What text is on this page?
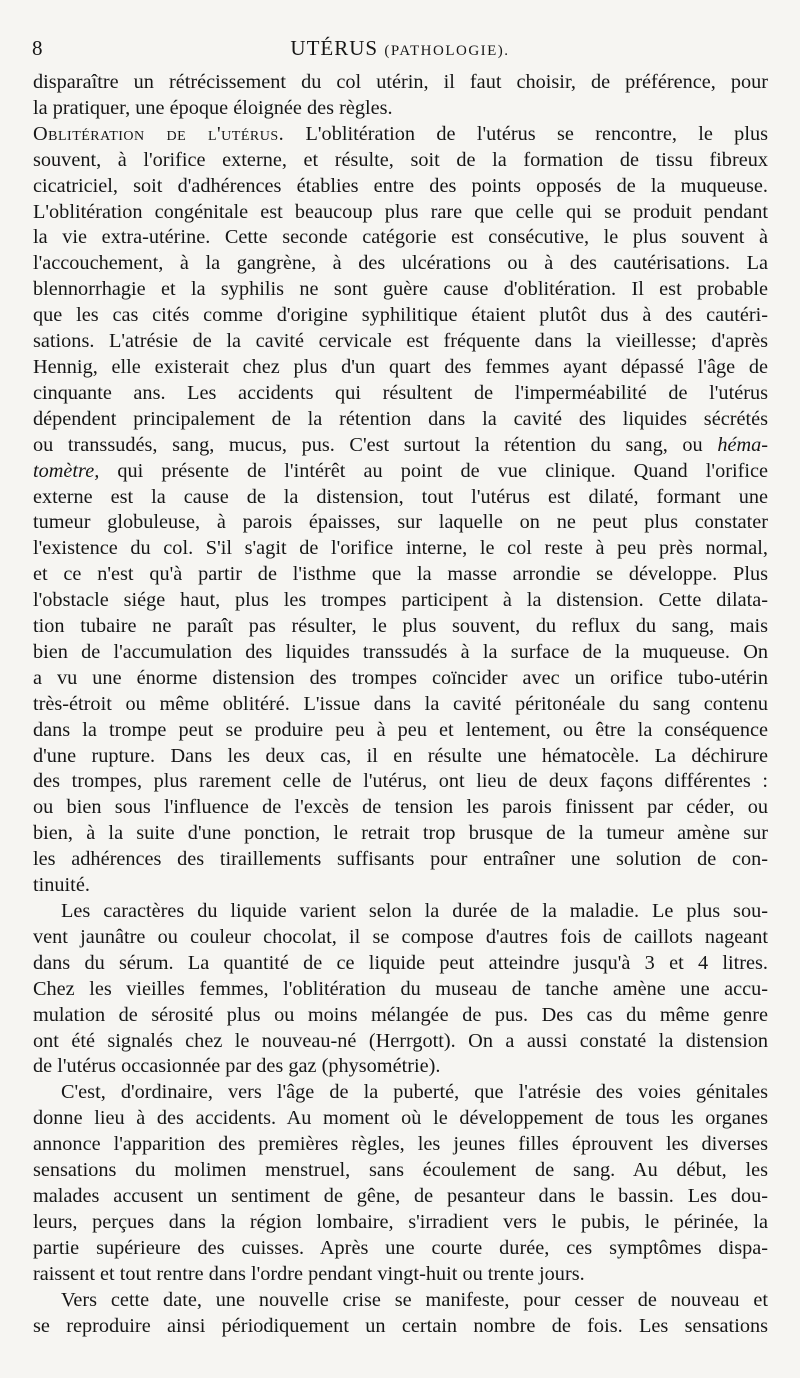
8	UTÉRUS (PATHOLOGIE).
disparaître un rétrécissement du col utérin, il faut choisir, de préférence, pour
la pratiquer, une époque éloignée des règles.
Oblitération de l'utérus. L'oblitération de l'utérus se rencontre, le plus
souvent, à l'orifice externe, et résulte, soit de la formation de tissu fibreux
cicatriciel, soit d'adhérences établies entre des points opposés de la muqueuse.
L'oblitération congénitale est beaucoup plus rare que celle qui se produit pendant
la vie extra-utérine. Cette seconde catégorie est consécutive, le plus souvent à
l'accouchement, à la gangrène, à des ulcérations ou à des cautérisations. La
blennorrhagie et la syphilis ne sont guère cause d'oblitération. Il est probable
que les cas cités comme d'origine syphilitique étaient plutôt dus à des cautéri-
sations. L'atrésie de la cavité cervicale est fréquente dans la vieillesse; d'après
Hennig, elle existerait chez plus d'un quart des femmes ayant dépassé l'âge de
cinquante ans. Les accidents qui résultent de l'imperméabilité de l'utérus
dépendent principalement de la rétention dans la cavité des liquides sécrétés
ou transsudés, sang, mucus, pus. C'est surtout la rétention du sang, ou héma-
tomètre, qui présente de l'intérêt au point de vue clinique. Quand l'orifice
externe est la cause de la distension, tout l'utérus est dilaté, formant une
tumeur globuleuse, à parois épaisses, sur laquelle on ne peut plus constater
l'existence du col. S'il s'agit de l'orifice interne, le col reste à peu près normal,
et ce n'est qu'à partir de l'isthme que la masse arrondie se développe. Plus
l'obstacle siége haut, plus les trompes participent à la distension. Cette dilata-
tion tubaire ne paraît pas résulter, le plus souvent, du reflux du sang, mais
bien de l'accumulation des liquides transsudés à la surface de la muqueuse. On
a vu une énorme distension des trompes coïncider avec un orifice tubo-utérin
très-étroit ou même oblitéré. L'issue dans la cavité péritonéale du sang contenu
dans la trompe peut se produire peu à peu et lentement, ou être la conséquence
d'une rupture. Dans les deux cas, il en résulte une hématocèle. La déchirure
des trompes, plus rarement celle de l'utérus, ont lieu de deux façons différentes :
ou bien sous l'influence de l'excès de tension les parois finissent par céder, ou
bien, à la suite d'une ponction, le retrait trop brusque de la tumeur amène sur
les adhérences des tiraillements suffisants pour entraîner une solution de con-
tinuité.
Les caractères du liquide varient selon la durée de la maladie. Le plus sou-
vent jaunâtre ou couleur chocolat, il se compose d'autres fois de caillots nageant
dans du sérum. La quantité de ce liquide peut atteindre jusqu'à 3 et 4 litres.
Chez les vieilles femmes, l'oblitération du museau de tanche amène une accu-
mulation de sérosité plus ou moins mélangée de pus. Des cas du même genre
ont été signalés chez le nouveau-né (Herrgott). On a aussi constaté la distension
de l'utérus occasionnée par des gaz (physométrie).
C'est, d'ordinaire, vers l'âge de la puberté, que l'atrésie des voies génitales
donne lieu à des accidents. Au moment où le développement de tous les organes
annonce l'apparition des premières règles, les jeunes filles éprouvent les diverses
sensations du molimen menstruel, sans écoulement de sang. Au début, les
malades accusent un sentiment de gêne, de pesanteur dans le bassin. Les dou-
leurs, perçues dans la région lombaire, s'irradient vers le pubis, le périnée, la
partie supérieure des cuisses. Après une courte durée, ces symptômes dispa-
raissent et tout rentre dans l'ordre pendant vingt-huit ou trente jours.
Vers cette date, une nouvelle crise se manifeste, pour cesser de nouveau et
se reproduire ainsi périodiquement un certain nombre de fois. Les sensations
